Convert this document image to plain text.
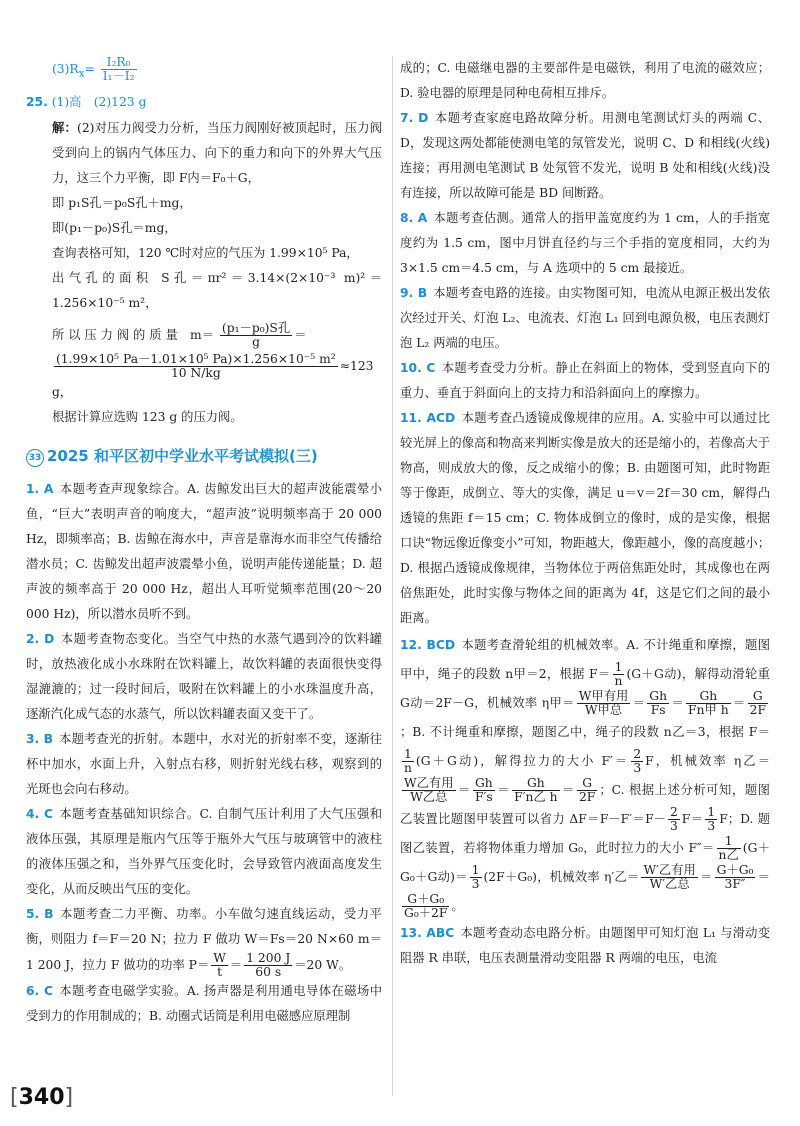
$(3)R_x= \frac{\text{I₂R₀}}{\text{I₁－I₂}}$

25. (1)高　(2)123 g

解：(2)对压力阀受力分析，当压力阀刚好被顶起时，压力阀受到向上的锅内气体压力、向下的重力和向下的外界大气压力，这三个力平衡，即 F内＝F₀＋G，

即 p₁S孔＝p₀S孔＋mg，

即(p₁－p₀)S孔＝mg，

查询表格可知，120 ℃时对应的气压为 1.99×10⁵ Pa，

出气孔的面积 S孔＝πr²＝3.14×(2×10⁻³ m)²＝1.256×10⁻⁵ m²，

所 以 压 力 阀 的 质 量　$m= \frac{\text{(p₁－p₀)S孔}}{g}$ ＝

$\frac{\text{(1.99×10⁵ Pa－1.01×10⁵ Pa)×1.256×10⁻⁵ m²}}{10 N/kg} \approx 123$ g，

根据计算应选购 123 g 的压力阀。

33 2025 和平区初中学业水平考试模拟(三)

1. A 本题考查声现象综合。A. 齿鲸发出巨大的超声波能震晕小鱼，“巨大”表明声音的响度大，“超声波”说明频率高于 20 000 Hz，即频率高；B. 齿鲸在海水中，声音是靠海水而非空气传播给潜水员；C. 齿鲸发出超声波震晕小鱼，说明声能传递能量；D. 超声波的频率高于 20 000 Hz，超出人耳听觉频率范围(20～20 000 Hz)，所以潜水员听不到。

2. D 本题考查物态变化。当空气中热的水蒸气遇到冷的饮料罐时，放热液化成小水珠附在饮料罐上，故饮料罐的表面很快变得湿漉漉的；过一段时间后，吸附在饮料罐上的小水珠温度升高，逐渐汽化成气态的水蒸气，所以饮料罐表面又变干了。

3. B 本题考查光的折射。本题中，水对光的折射率不变，逐渐往杯中加水，水面上升，入射点右移，则折射光线右移，观察到的光斑也会向右移动。

4. C 本题考查基础知识综合。C. 自制气压计利用了大气压强和液体压强，其原理是瓶内气压等于瓶外大气压与玻璃管中的液柱的液体压强之和，当外界气压变化时，会导致管内液面高度发生变化，从而反映出气压的变化。

5. B 本题考查二力平衡、功率。小车做匀速直线运动，受力平衡，则阻力 f＝F＝20 N；拉力 F 做功 W＝Fs＝20 N×60 m＝1 200 J，拉力 F 做功的功率 $P= \frac{W}{t} = \frac{1 200 J}{60 s} =20$ W。

6. C 本题考查电磁学实验。A. 扬声器是利用通电导体在磁场中受到力的作用制成的；B. 动圈式话筒是利用电磁感应原理制

成的；C. 电磁继电器的主要部件是电磁铁，利用了电流的磁效应；D. 验电器的原理是同种电荷相互排斥。

7. D 本题考查家庭电路故障分析。用测电笔测试灯头的两端 C、D，发现这两处都能使测电笔的氖管发光，说明 C、D 和相线(火线)连接；再用测电笔测试 B 处氖管不发光，说明 B 处和相线(火线)没有连接，所以故障可能是 BD 间断路。

8. A 本题考查估测。通常人的指甲盖宽度约为 1 cm，人的手指宽度约为 1.5 cm，图中月饼直径约与三个手指的宽度相同，大约为 3×1.5 cm＝4.5 cm，与 A 选项中的 5 cm 最接近。

9. B 本题考查电路的连接。由实物图可知，电流从电源正极出发依次经过开关、灯泡 L₂、电流表、灯泡 L₁ 回到电源负极，电压表测灯泡 L₂ 两端的电压。

10. C 本题考查受力分析。静止在斜面上的物体，受到竖直向下的重力、垂直于斜面向上的支持力和沿斜面向上的摩擦力。

11. ACD 本题考查凸透镜成像规律的应用。A. 实验中可以通过比较光屏上的像高和物高来判断实像是放大的还是缩小的，若像高大于物高，则成放大的像，反之成缩小的像；B. 由题图可知，此时物距等于像距，成倒立、等大的实像，满足 u＝v＝2f＝30 cm，解得凸透镜的焦距 f＝15 cm；C. 物体成倒立的像时，成的是实像，根据口诀“物远像近像变小”可知，物距越大，像距越小，像的高度越小；D. 根据凸透镜成像规律，当物体位于两倍焦距处时，其成像也在两倍焦距处，此时实像与物体之间的距离为 4f，这是它们之间的最小距离。

12. BCD 本题考查滑轮组的机械效率。A. 不计绳重和摩擦，题图甲中，绳子的段数 n甲＝2，根据 $F= \frac{1}{n} (G+G$动)，解得动滑轮重 G动＝2F－G，机械效率 η甲＝ $\frac{\text{W甲有用}}{\text{W甲总}} = \frac{Gh}{Fs} = \frac{Gh}{\text{Fn甲 h}} = \frac{G}{2F}$
；B. 不计绳重和摩擦，题图乙中，绳子的段数 n乙＝3，根据 F＝
$\frac{1}{n} (G+G$动)，解得拉力的大小 $F'= \frac{2}{3}$ F，机械效率 η乙＝
$\frac{\text{W乙有用}}{\text{W乙总}} = \frac{Gh}{F's} = \frac{Gh}{\text{F′n乙 h}} = \frac{G}{2F}$ ；C. 根据上述分析可知，题图乙装置比题图甲装置可以省力 $\Delta F=F-F'=F- \frac{2}{3} F= \frac{1}{3}$ F；D. 题图乙装置，若将物体重力增加 G₀，此时拉力的大小 $F''= \frac{1}{\text{n乙}} (G+G_0+G$动)＝ $\frac{1}{3} (2F+G_0)$，机械效率 η′乙＝ $\frac{\text{W′乙有用}}{\text{W′乙总}} = \frac{\text{G＋G₀}}{3F''}$ ＝
$\frac{\text{G＋G₀}}{\text{G₀＋2F}}$ 。

13. ABC 本题考查动态电路分析。由题图甲可知灯泡 L₁ 与滑动变阻器 R 串联，电压表测量滑动变阻器 R 两端的电压，电流

[340]
